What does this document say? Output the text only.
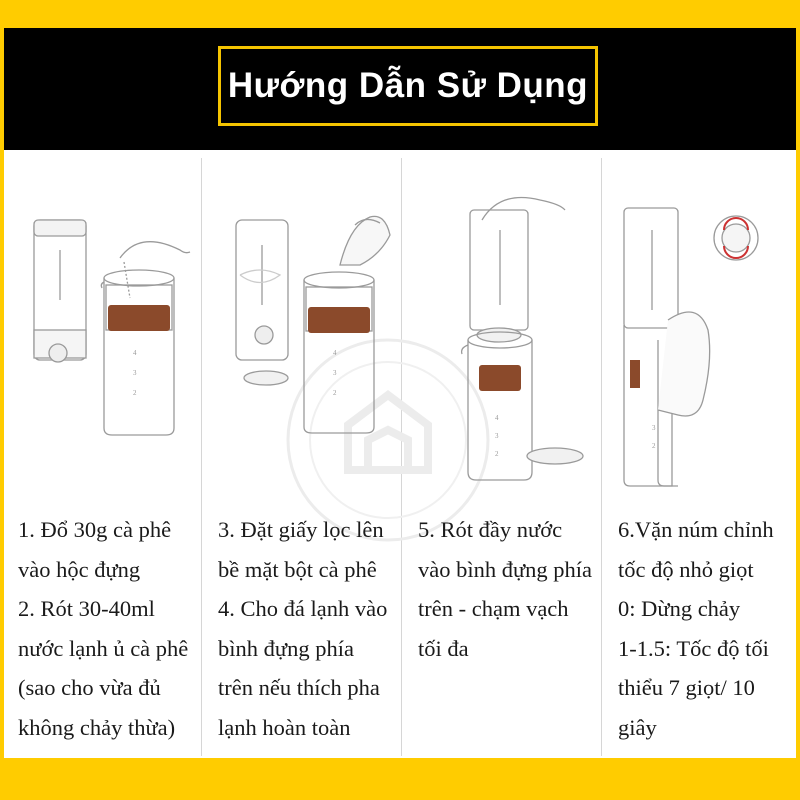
Hướng Dẫn Sử Dụng
4
3
2
4
3
2
4
3
2
3
2
1. Đổ 30g cà phê
vào hộc đựng
2. Rót 30-40ml
nước lạnh ủ cà phê
(sao cho vừa đủ
không chảy thừa)
3. Đặt giấy lọc lên
bề mặt bột cà phê
4. Cho đá lạnh vào
bình đựng phía
trên nếu thích pha
lạnh hoàn toàn
5. Rót đầy nước
vào bình đựng phía
trên - chạm vạch
tối đa
6.Vặn núm chỉnh
tốc độ nhỏ giọt
0: Dừng chảy
1-1.5: Tốc độ tối
thiểu 7 giọt/ 10
giây
